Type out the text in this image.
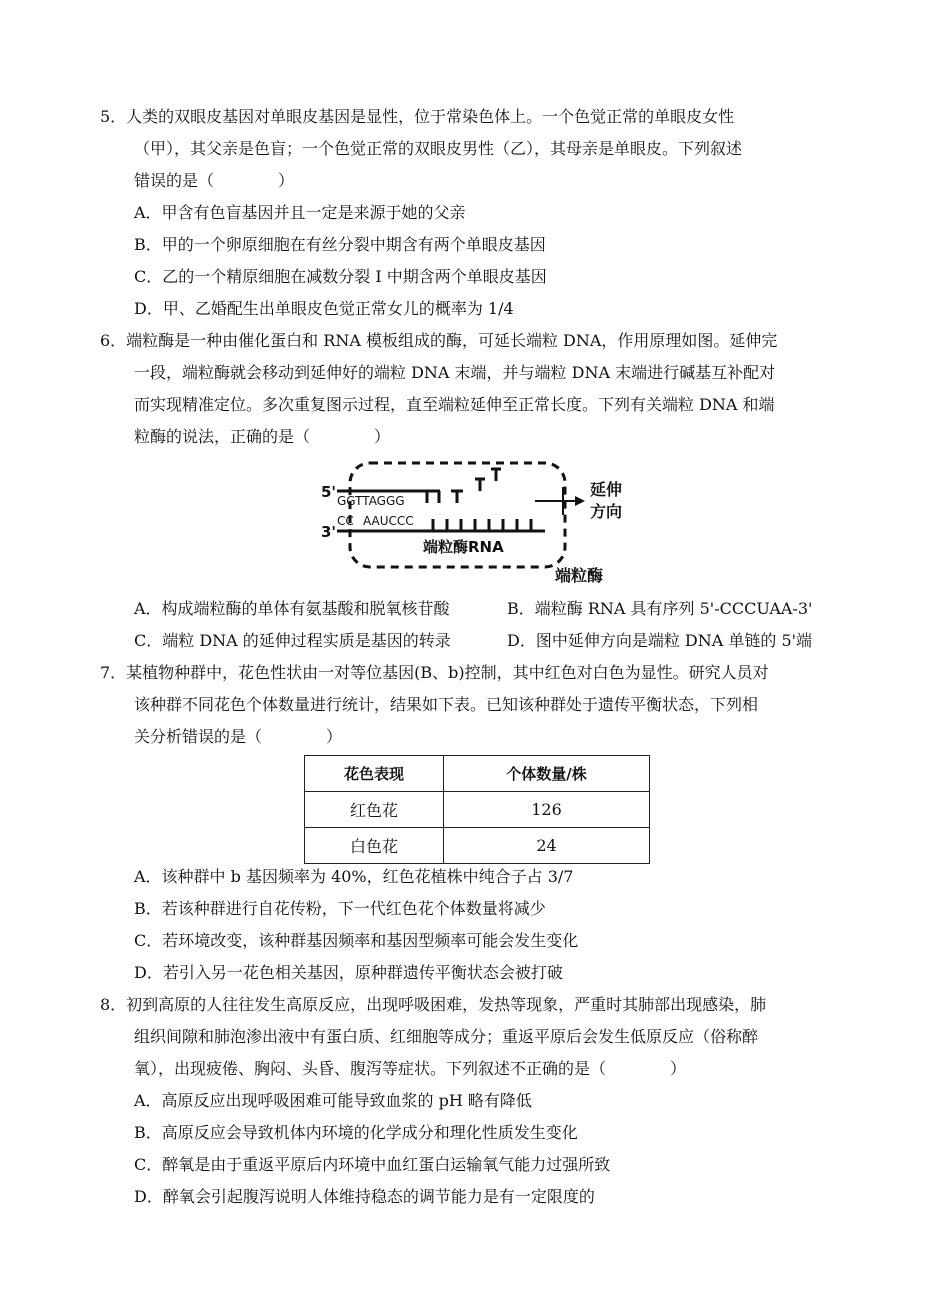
5．人类的双眼皮基因对单眼皮基因是显性，位于常染色体上。一个色觉正常的单眼皮女性
（甲），其父亲是色盲；一个色觉正常的双眼皮男性（乙），其母亲是单眼皮。下列叙述
错误的是（　　　　）
A．甲含有色盲基因并且一定是来源于她的父亲
B．甲的一个卵原细胞在有丝分裂中期含有两个单眼皮基因
C．乙的一个精原细胞在减数分裂 I 中期含两个单眼皮基因
D．甲、乙婚配生出单眼皮色觉正常女儿的概率为 1/4
6．端粒酶是一种由催化蛋白和 RNA 模板组成的酶，可延长端粒 DNA，作用原理如图。延伸完
一段，端粒酶就会移动到延伸好的端粒 DNA 末端，并与端粒 DNA 末端进行碱基互补配对
而实现精准定位。多次重复图示过程，直至端粒延伸至正常长度。下列有关端粒 DNA 和端
粒酶的说法，正确的是（　　　　）
5'
3'
GGTTAGGG
CC AAUCCC
端粒酶RNA
延伸
方向
端粒酶
A．构成端粒酶的单体有氨基酸和脱氧核苷酸	B．端粒酶 RNA 具有序列 5'-CCCUAA-3'
C．端粒 DNA 的延伸过程实质是基因的转录	D．图中延伸方向是端粒 DNA 单链的 5'端
7．某植物种群中，花色性状由一对等位基因(B、b)控制，其中红色对白色为显性。研究人员对
该种群不同花色个体数量进行统计，结果如下表。已知该种群处于遗传平衡状态，下列相
关分析错误的是（　　　　）
花色表现	个体数量/株
红色花	126
白色花	24
A．该种群中 b 基因频率为 40%，红色花植株中纯合子占 3/7
B．若该种群进行自花传粉，下一代红色花个体数量将减少
C．若环境改变，该种群基因频率和基因型频率可能会发生变化
D．若引入另一花色相关基因，原种群遗传平衡状态会被打破
8．初到高原的人往往发生高原反应，出现呼吸困难，发热等现象，严重时其肺部出现感染，肺
组织间隙和肺泡渗出液中有蛋白质、红细胞等成分；重返平原后会发生低原反应（俗称醉
氧），出现疲倦、胸闷、头昏、腹泻等症状。下列叙述不正确的是（　　　　）
A．高原反应出现呼吸困难可能导致血浆的 pH 略有降低
B．高原反应会导致机体内环境的化学成分和理化性质发生变化
C．醉氧是由于重返平原后内环境中血红蛋白运输氧气能力过强所致
D．醉氧会引起腹泻说明人体维持稳态的调节能力是有一定限度的
